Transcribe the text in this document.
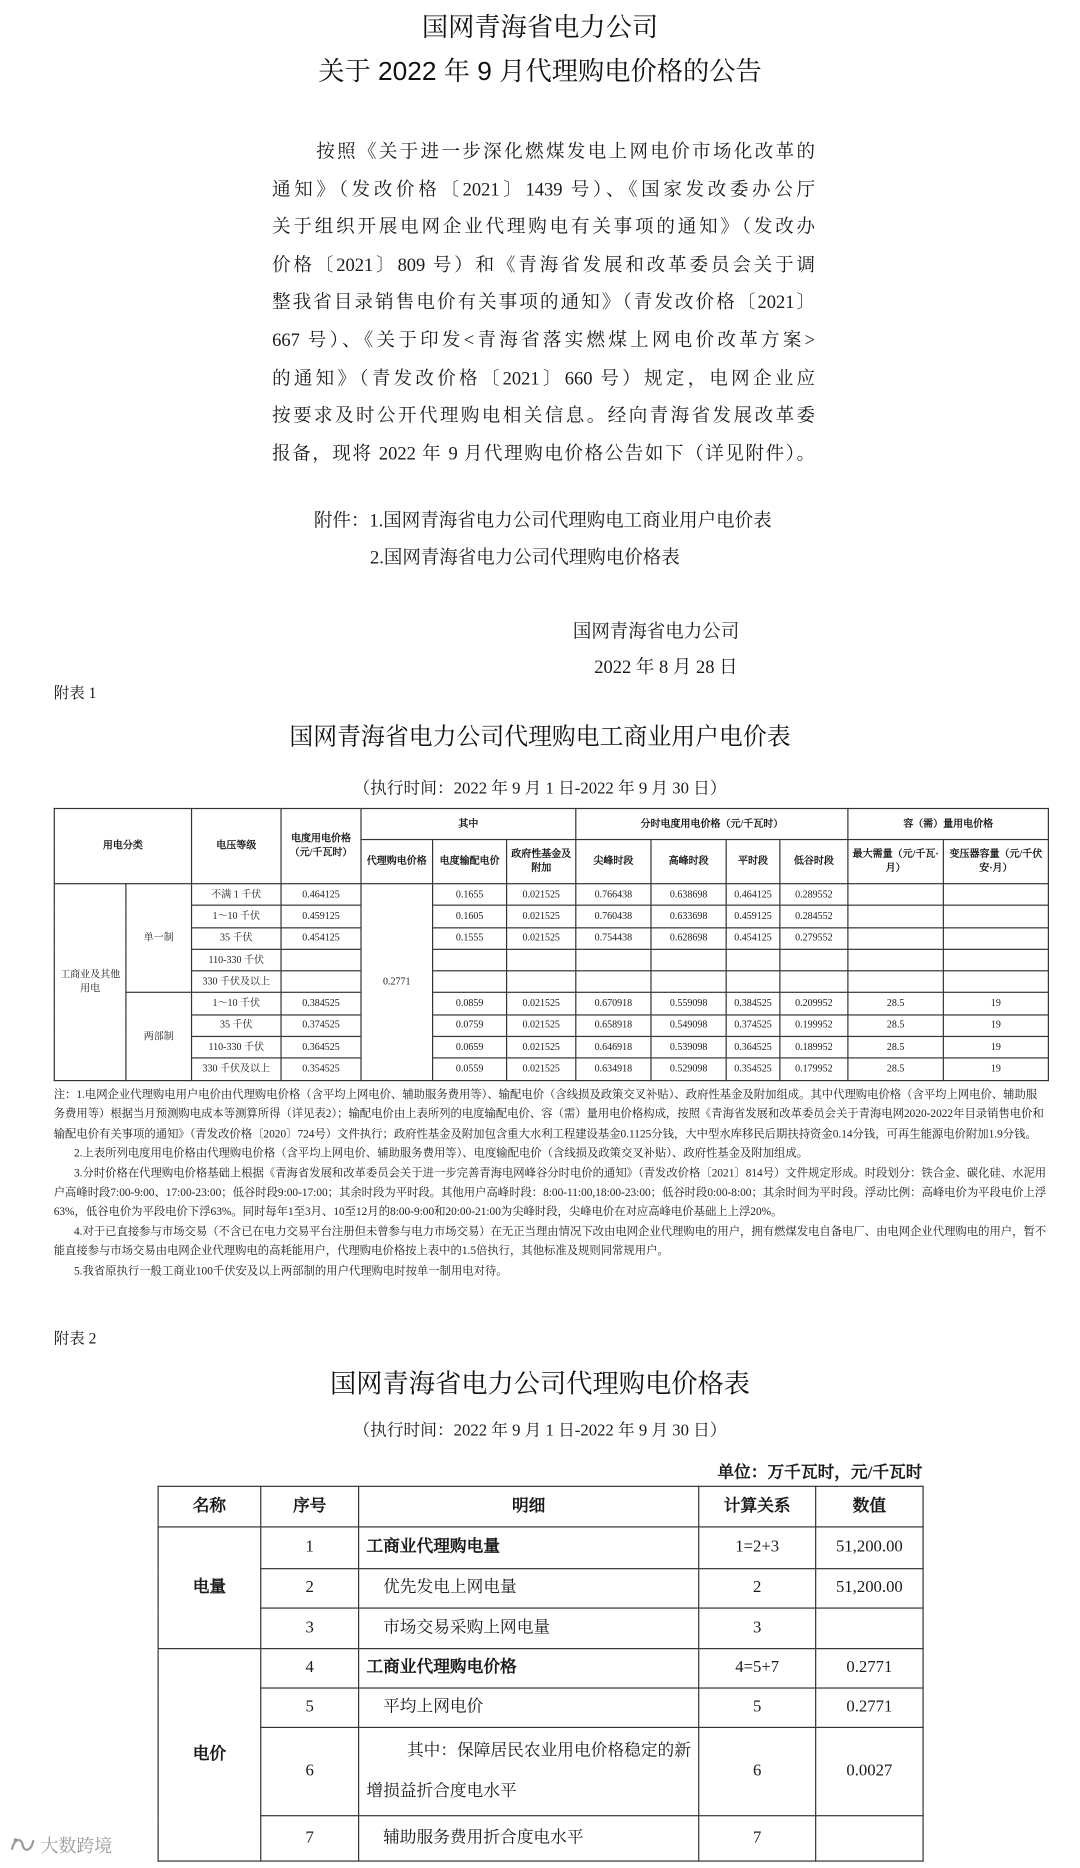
国网青海省电力公司
关于 2022 年 9 月代理购电价格的公告
按照《关于进一步深化燃煤发电上网电价市场化改革的
通知》（发改价格〔2021〕1439 号）、《国家发改委办公厅
关于组织开展电网企业代理购电有关事项的通知》（发改办
价格〔2021〕809 号）和《青海省发展和改革委员会关于调
整我省目录销售电价有关事项的通知》（青发改价格〔2021〕
667 号）、《关于印发<青海省落实燃煤上网电价改革方案>
的通知》（青发改价格〔2021〕660 号）规定，电网企业应
按要求及时公开代理购电相关信息。经向青海省发展改革委
报备，现将 2022 年 9 月代理购电价格公告如下（详见附件）。
附件：1.国网青海省电力公司代理购电工商业用户电价表
2.国网青海省电力公司代理购电价格表
国网青海省电力公司
2022 年 8 月 28 日
附表 1
国网青海省电力公司代理购电工商业用户电价表
（执行时间：2022 年 9 月 1 日-2022 年 9 月 30 日）
用电分类		电压等级	电度用电价格（元/千瓦时）	其中			分时电度用电价格（元/千瓦时）				容（需）量用电价格	
				代理购电价格	电度输配电价	政府性基金及附加	尖峰时段	高峰时段	平时段	低谷时段	最大需量（元/千瓦·月）	变压器容量（元/千伏安·月）
工商业及其他用电	单一制	不满 1 千伏	0.464125	0.2771	0.1655	0.021525	0.766438	0.638698	0.464125	0.289552		
		1～10 千伏	0.459125		0.1605	0.021525	0.760438	0.633698	0.459125	0.284552		
		35 千伏	0.454125		0.1555	0.021525	0.754438	0.628698	0.454125	0.279552		
		110-330 千伏										
		330 千伏及以上										
	两部制	1～10 千伏	0.384525		0.0859	0.021525	0.670918	0.559098	0.384525	0.209952	28.5	19
		35 千伏	0.374525		0.0759	0.021525	0.658918	0.549098	0.374525	0.199952	28.5	19
		110-330 千伏	0.364525		0.0659	0.021525	0.646918	0.539098	0.364525	0.189952	28.5	19
		330 千伏及以上	0.354525		0.0559	0.021525	0.634918	0.529098	0.354525	0.179952	28.5	19
注：1.电网企业代理购电用户电价由代理购电价格（含平均上网电价、辅助服务费用等）、输配电价（含线损及政策交叉补贴）、政府性基金及附加组成。其中代理购电价格（含平均上网电价、辅助服务费用等）根据当月预测购电成本等测算所得（详见表2）；输配电价由上表所列的电度输配电价、容（需）量用电价格构成，按照《青海省发展和改革委员会关于青海电网2020-2022年目录销售电价和输配电价有关事项的通知》（青发改价格〔2020〕724号）文件执行；政府性基金及附加包含重大水利工程建设基金0.1125分钱，大中型水库移民后期扶持资金0.14分钱，可再生能源电价附加1.9分钱。
2.上表所列电度用电价格由代理购电价格（含平均上网电价、辅助服务费用等）、电度输配电价（含线损及政策交叉补贴）、政府性基金及附加组成。
3.分时价格在代理购电价格基础上根据《青海省发展和改革委员会关于进一步完善青海电网峰谷分时电价的通知》（青发改价格〔2021〕814号）文件规定形成。时段划分：铁合金、碳化硅、水泥用户高峰时段7:00-9:00、17:00-23:00；低谷时段9:00-17:00；其余时段为平时段。其他用户高峰时段：8:00-11:00,18:00-23:00；低谷时段0:00-8:00；其余时间为平时段。浮动比例：高峰电价为平段电价上浮63%，低谷电价为平段电价下浮63%。同时每年1至3月、10至12月的8:00-9:00和20:00-21:00为尖峰时段，尖峰电价在对应高峰电价基础上上浮20%。
4.对于已直接参与市场交易（不含已在电力交易平台注册但未曾参与电力市场交易）在无正当理由情况下改由电网企业代理购电的用户，拥有燃煤发电自备电厂、由电网企业代理购电的用户，暂不能直接参与市场交易由电网企业代理购电的高耗能用户，代理购电价格按上表中的1.5倍执行，其他标准及规则同常规用户。
5.我省原执行一般工商业100千伏安及以上两部制的用户代理购电时按单一制用电对待。
附表 2
国网青海省电力公司代理购电价格表
（执行时间：2022 年 9 月 1 日-2022 年 9 月 30 日）
单位：万千瓦时，元/千瓦时
名称	序号	明细	计算关系	数值
电量	1	工商业代理购电量	1=2+3	51,200.00
	2	优先发电上网电量	2	51,200.00
	3	市场交易采购上网电量	3	
电价	4	工商业代理购电价格	4=5+7	0.2771
	5	平均上网电价	5	0.2771
	6	其中：保障居民农业用电价格稳定的新增损益折合度电水平	6	0.0027
	7	辅助服务费用折合度电水平	7	
大数跨境
